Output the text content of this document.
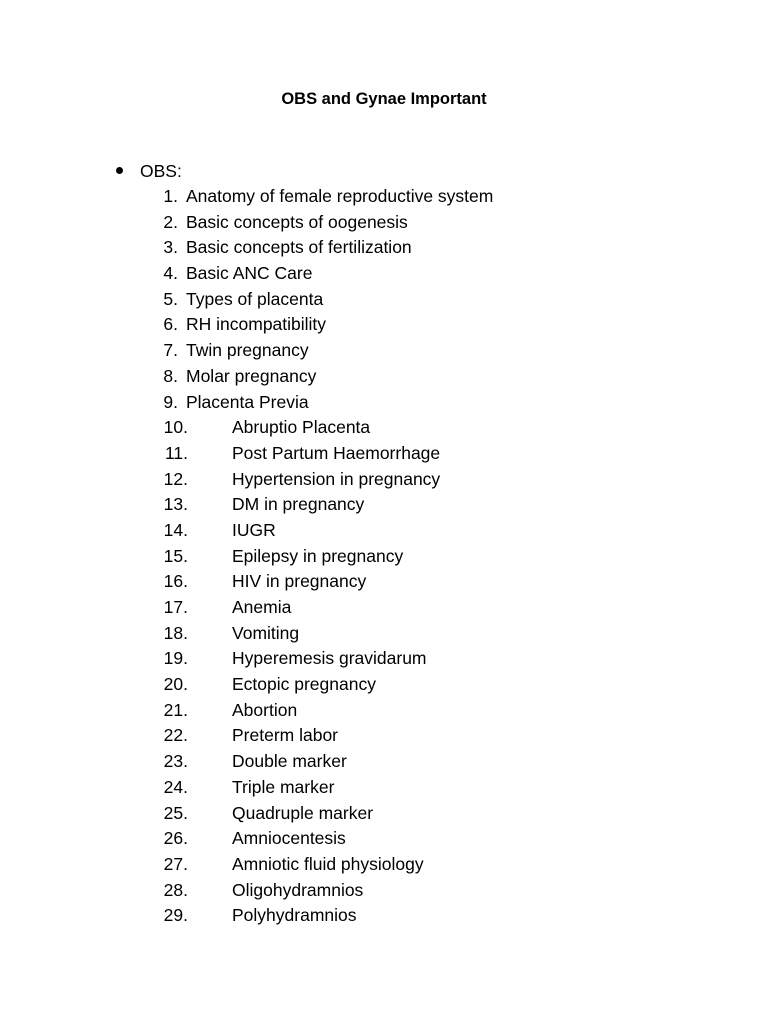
OBS and Gynae Important
OBS:
1. Anatomy of female reproductive system
2. Basic concepts of oogenesis
3. Basic concepts of fertilization
4. Basic ANC Care
5. Types of placenta
6. RH incompatibility
7. Twin pregnancy
8. Molar pregnancy
9. Placenta Previa
10.	Abruptio Placenta
11.	Post Partum Haemorrhage
12.	Hypertension in pregnancy
13.	DM in pregnancy
14.	IUGR
15.	Epilepsy in pregnancy
16.	HIV in pregnancy
17.	Anemia
18.	Vomiting
19.	Hyperemesis gravidarum
20.	Ectopic pregnancy
21.	Abortion
22.	Preterm labor
23.	Double marker
24.	Triple marker
25.	Quadruple marker
26.	Amniocentesis
27.	Amniotic fluid physiology
28.	Oligohydramnios
29.	Polyhydramnios
